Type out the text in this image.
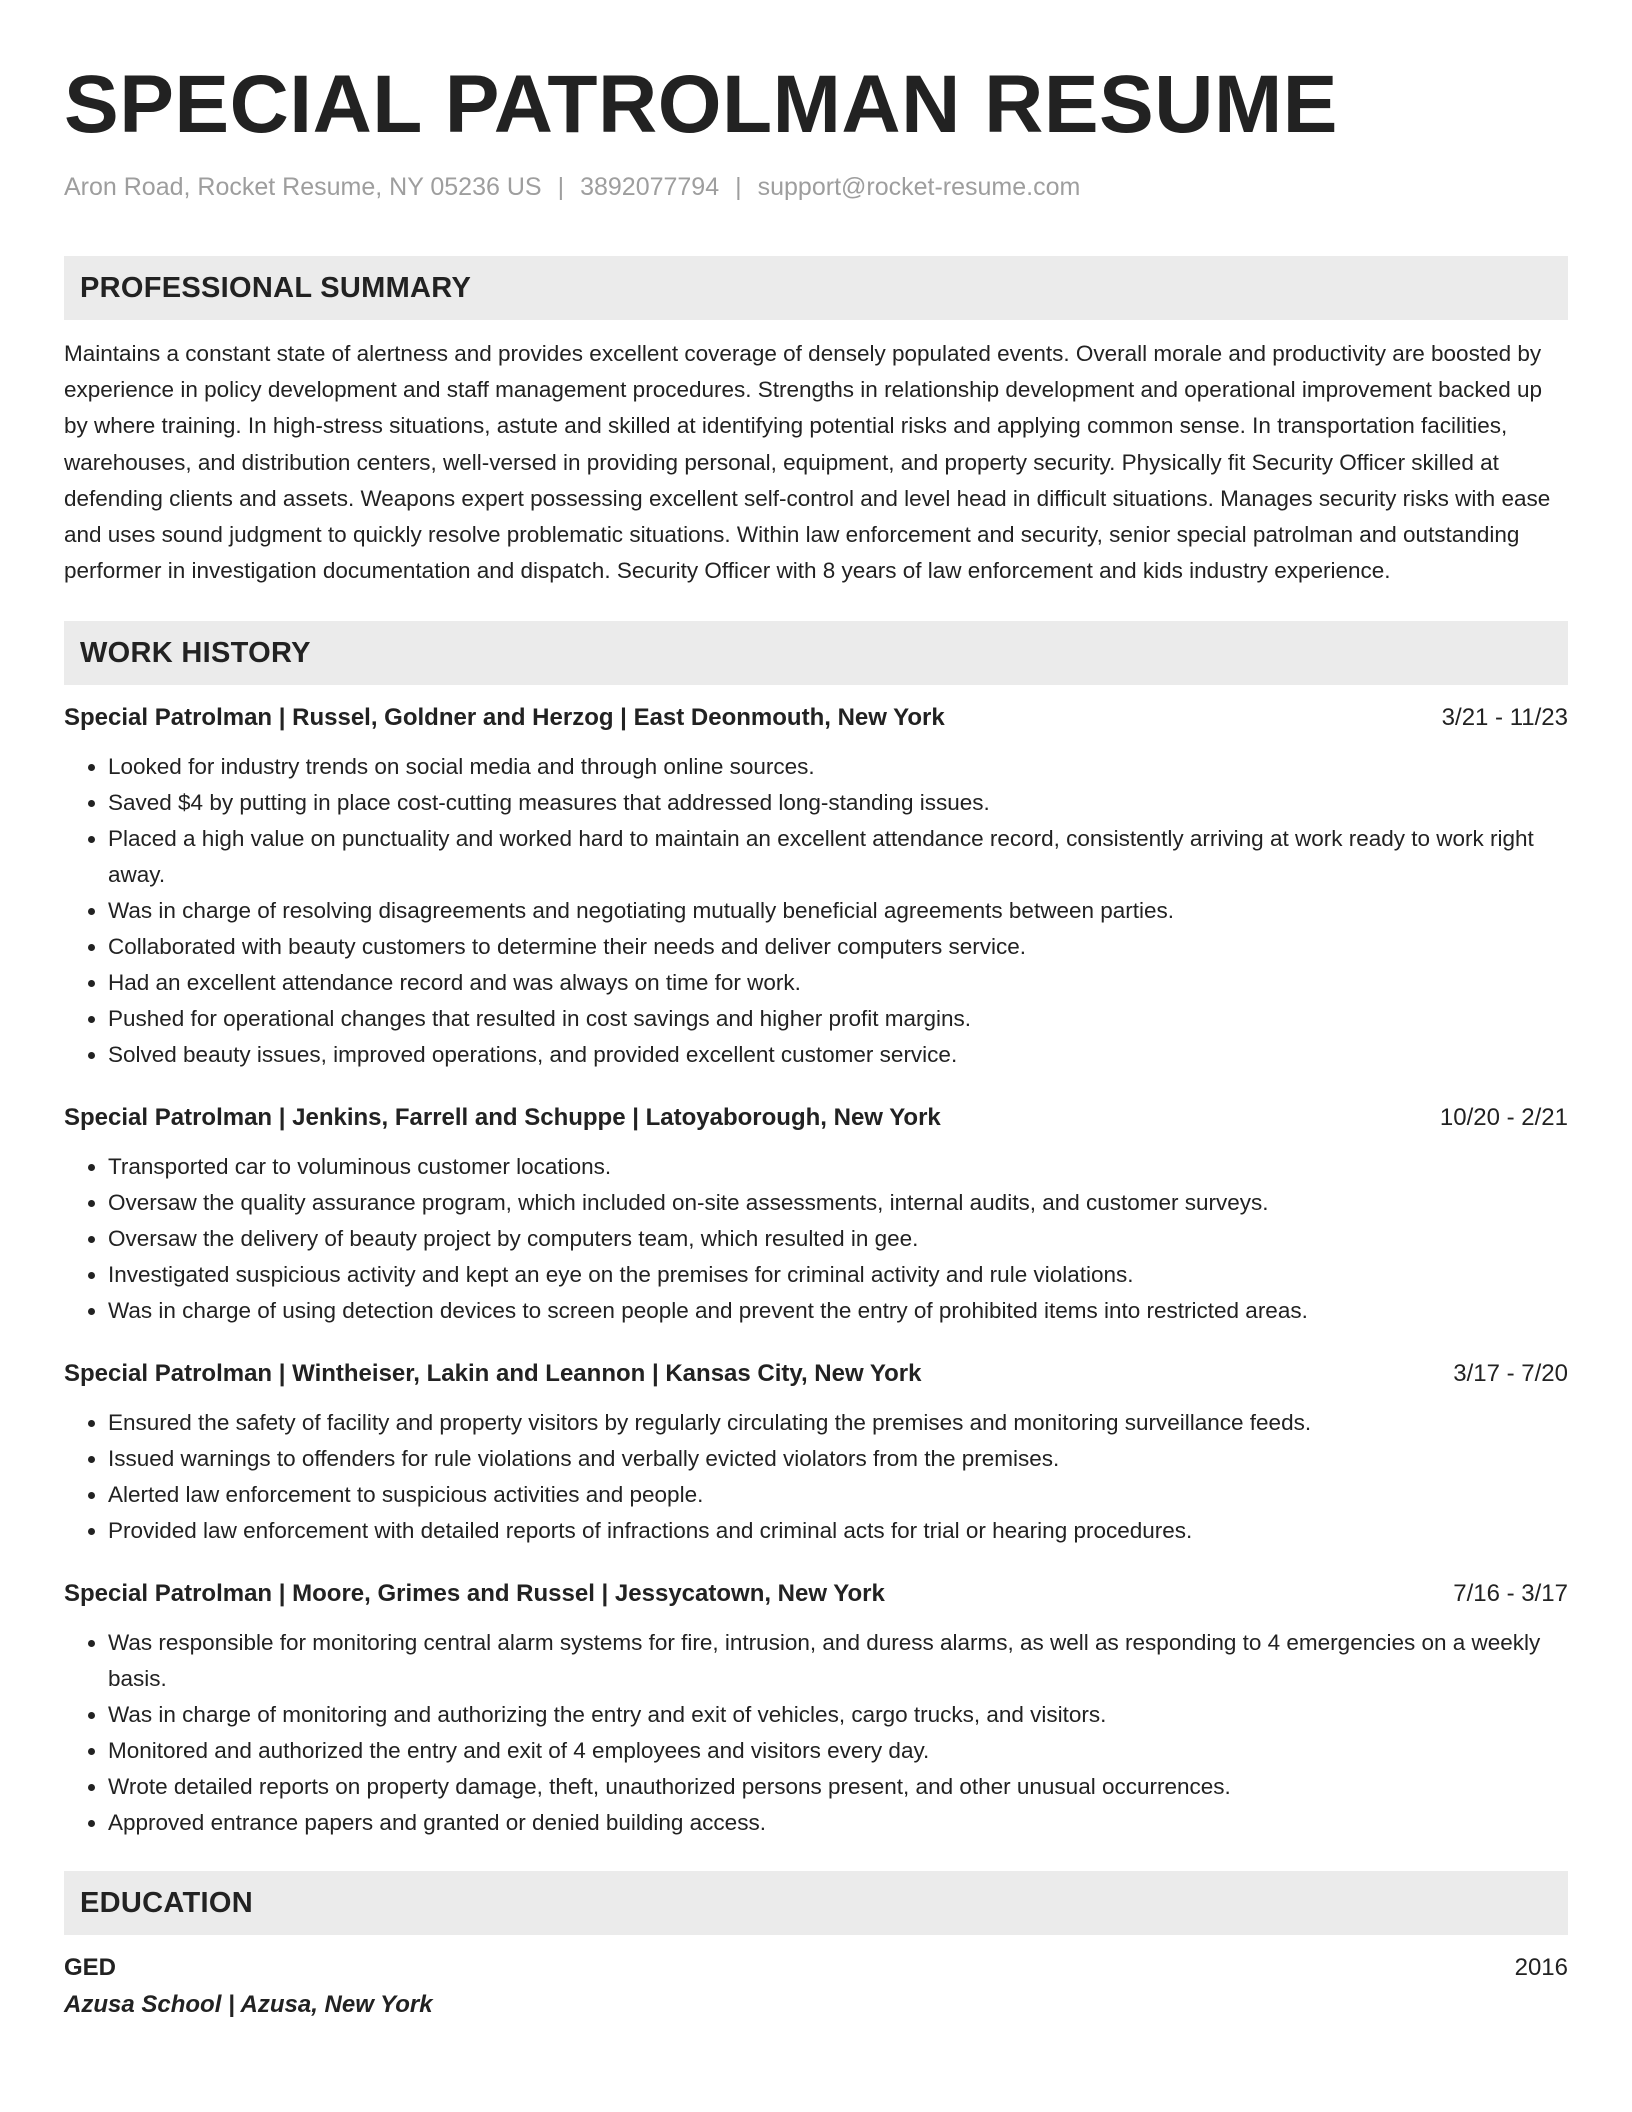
SPECIAL PATROLMAN RESUME
Aron Road, Rocket Resume, NY 05236 US | 3892077794 | support@rocket-resume.com
PROFESSIONAL SUMMARY

Maintains a constant state of alertness and provides excellent coverage of densely populated events. Overall morale and productivity are boosted by experience in policy development and staff management procedures. Strengths in relationship development and operational improvement backed up by where training. In high-stress situations, astute and skilled at identifying potential risks and applying common sense. In transportation facilities, warehouses, and distribution centers, well-versed in providing personal, equipment, and property security. Physically fit Security Officer skilled at defending clients and assets. Weapons expert possessing excellent self-control and level head in difficult situations. Manages security risks with ease and uses sound judgment to quickly resolve problematic situations. Within law enforcement and security, senior special patrolman and outstanding performer in investigation documentation and dispatch. Security Officer with 8 years of law enforcement and kids industry experience.

WORK HISTORY
Special Patrolman | Russel, Goldner and Herzog | East Deonmouth, New York	3/21 - 11/23
• Looked for industry trends on social media and through online sources.
• Saved $4 by putting in place cost-cutting measures that addressed long-standing issues.
• Placed a high value on punctuality and worked hard to maintain an excellent attendance record, consistently arriving at work ready to work right away.
• Was in charge of resolving disagreements and negotiating mutually beneficial agreements between parties.
• Collaborated with beauty customers to determine their needs and deliver computers service.
• Had an excellent attendance record and was always on time for work.
• Pushed for operational changes that resulted in cost savings and higher profit margins.
• Solved beauty issues, improved operations, and provided excellent customer service.
Special Patrolman | Jenkins, Farrell and Schuppe | Latoyaborough, New York	10/20 - 2/21
• Transported car to voluminous customer locations.
• Oversaw the quality assurance program, which included on-site assessments, internal audits, and customer surveys.
• Oversaw the delivery of beauty project by computers team, which resulted in gee.
• Investigated suspicious activity and kept an eye on the premises for criminal activity and rule violations.
• Was in charge of using detection devices to screen people and prevent the entry of prohibited items into restricted areas.
Special Patrolman | Wintheiser, Lakin and Leannon | Kansas City, New York	3/17 - 7/20
• Ensured the safety of facility and property visitors by regularly circulating the premises and monitoring surveillance feeds.
• Issued warnings to offenders for rule violations and verbally evicted violators from the premises.
• Alerted law enforcement to suspicious activities and people.
• Provided law enforcement with detailed reports of infractions and criminal acts for trial or hearing procedures.
Special Patrolman | Moore, Grimes and Russel | Jessycatown, New York	7/16 - 3/17
• Was responsible for monitoring central alarm systems for fire, intrusion, and duress alarms, as well as responding to 4 emergencies on a weekly basis.
• Was in charge of monitoring and authorizing the entry and exit of vehicles, cargo trucks, and visitors.
• Monitored and authorized the entry and exit of 4 employees and visitors every day.
• Wrote detailed reports on property damage, theft, unauthorized persons present, and other unusual occurrences.
• Approved entrance papers and granted or denied building access.
EDUCATION
GED	2016
Azusa School | Azusa, New York
